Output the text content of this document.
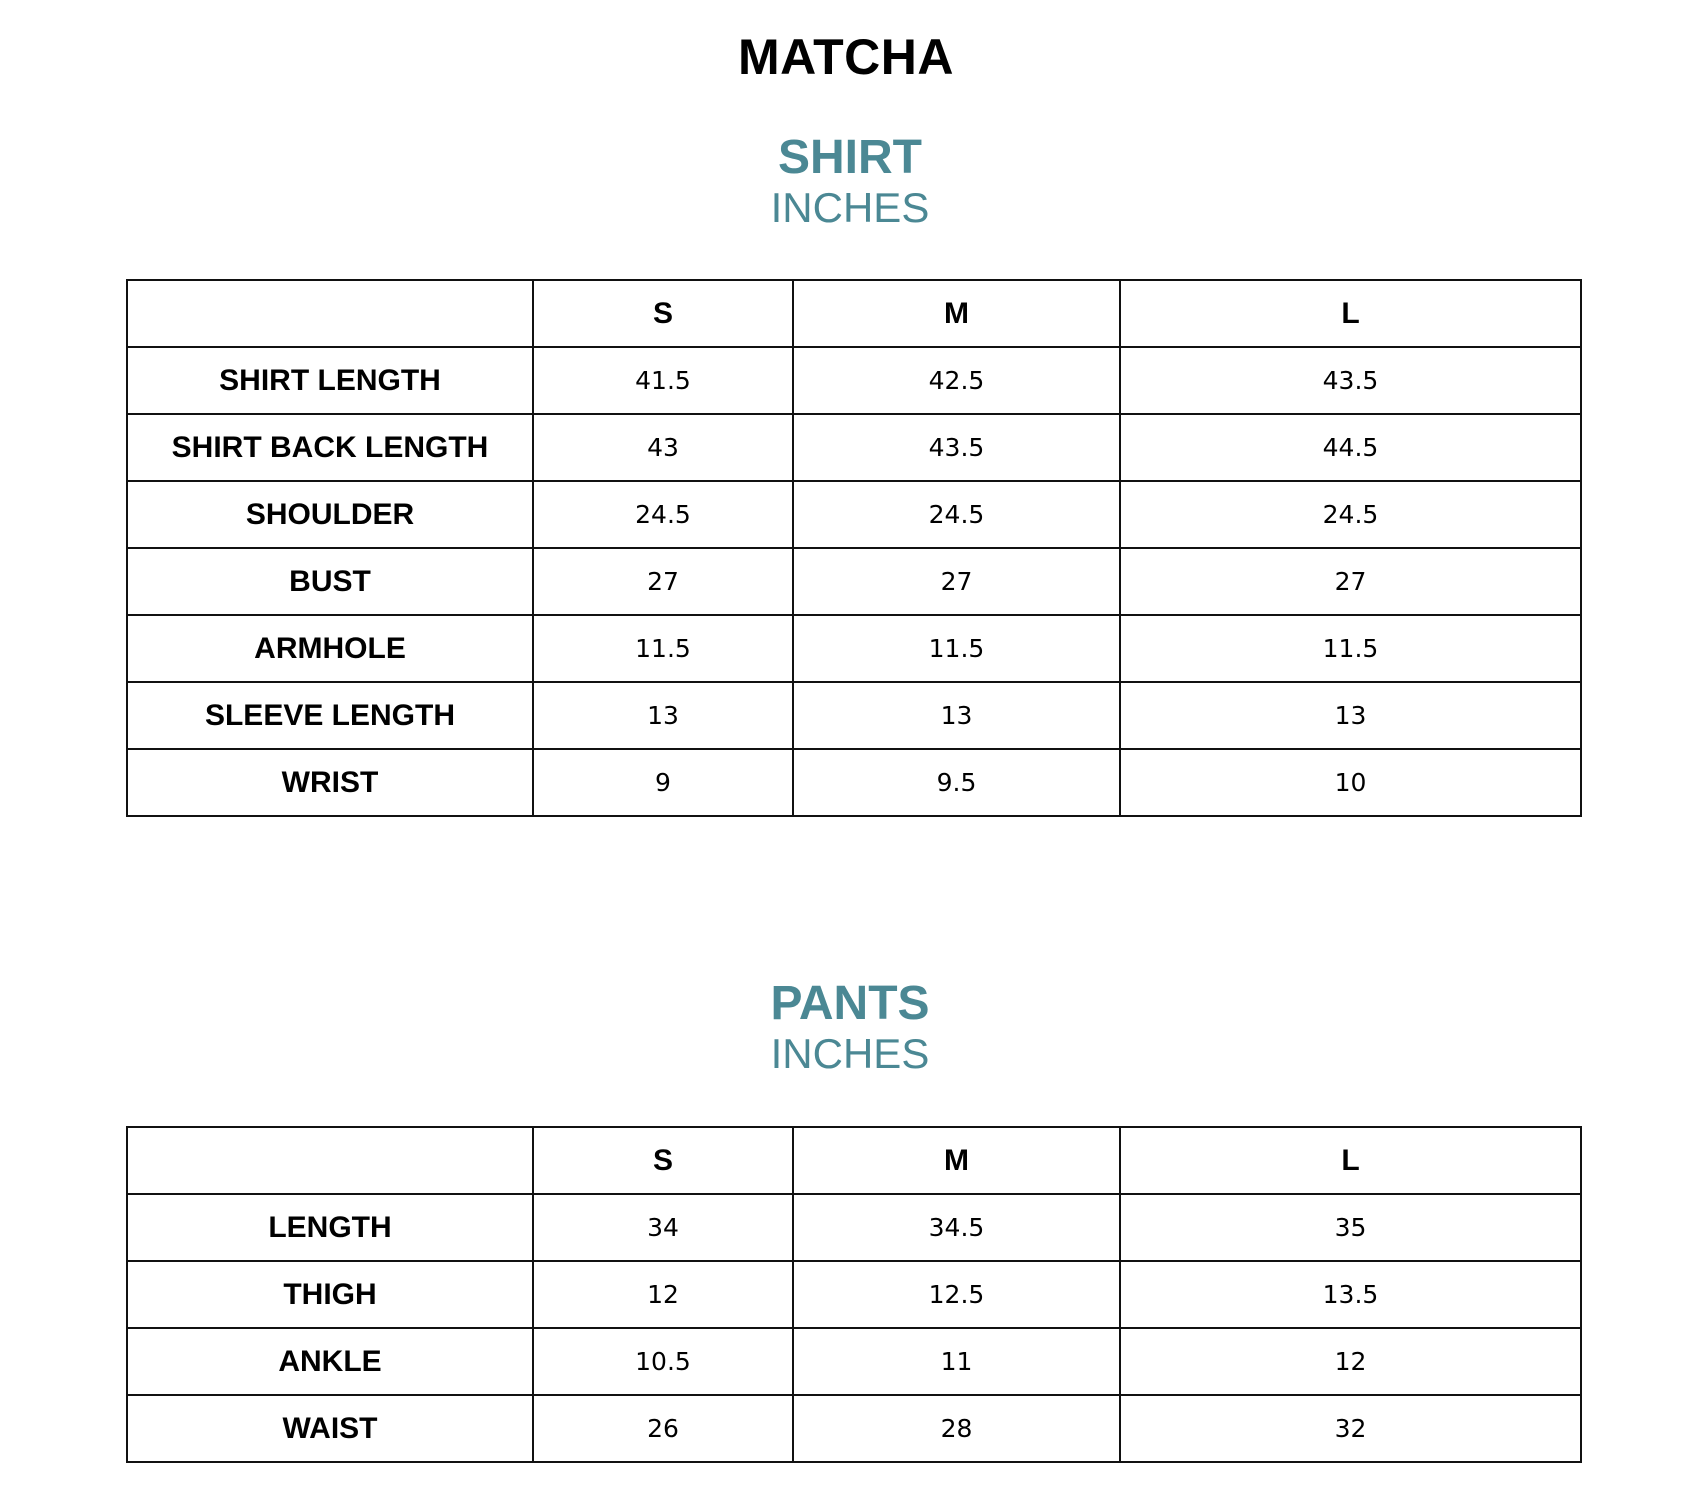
MATCHA
SHIRT
INCHES
	S	M	L
SHIRT LENGTH	41.5	42.5	43.5
SHIRT BACK LENGTH	43	43.5	44.5
SHOULDER	24.5	24.5	24.5
BUST	27	27	27
ARMHOLE	11.5	11.5	11.5
SLEEVE LENGTH	13	13	13
WRIST	9	9.5	10
PANTS
INCHES
	S	M	L
LENGTH	34	34.5	35
THIGH	12	12.5	13.5
ANKLE	10.5	11	12
WAIST	26	28	32
